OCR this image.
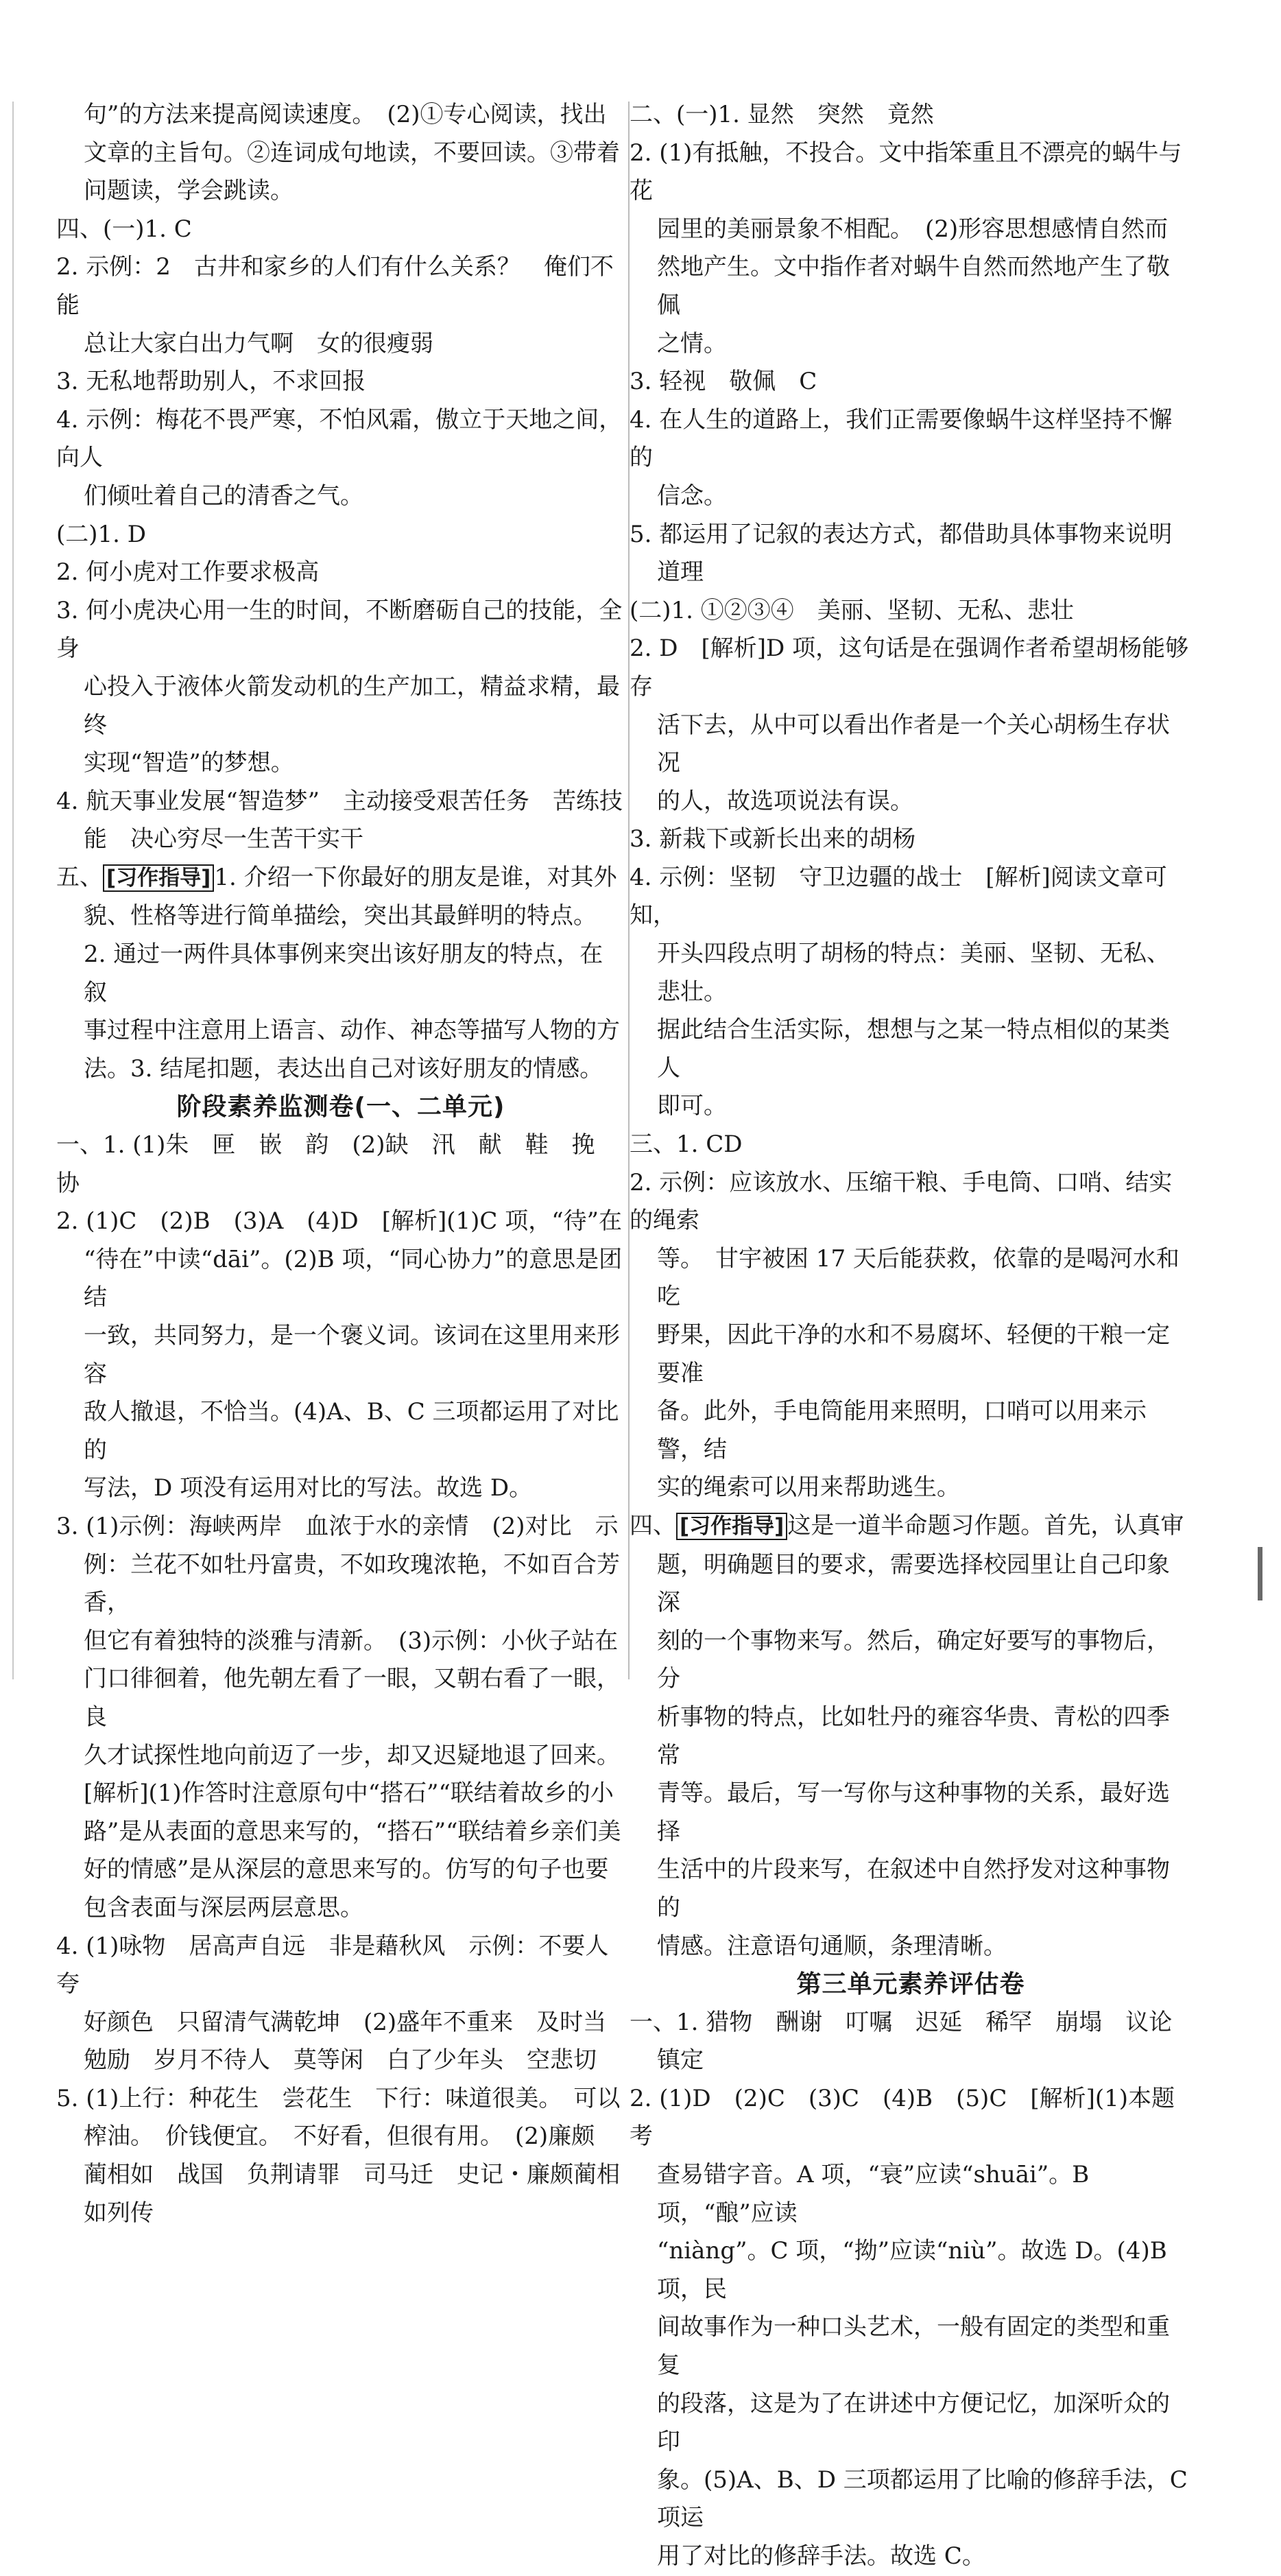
句”的方法来提高阅读速度。　(2)①专心阅读，找出

文章的主旨句。②连词成句地读，不要回读。③带着

问题读，学会跳读。

四、(一)1. C

2. 示例：2　古井和家乡的人们有什么关系？　俺们不能

总让大家白出力气啊　女的很瘦弱

3. 无私地帮助别人，不求回报

4. 示例：梅花不畏严寒，不怕风霜，傲立于天地之间，向人

们倾吐着自己的清香之气。

(二)1. D

2. 何小虎对工作要求极高

3. 何小虎决心用一生的时间，不断磨砺自己的技能，全身

心投入于液体火箭发动机的生产加工，精益求精，最终

实现“智造”的梦想。

4. 航天事业发展“智造梦”　主动接受艰苦任务　苦练技

能　决心穷尽一生苦干实干

五、 [习作指导] 1. 介绍一下你最好的朋友是谁，对其外

貌、性格等进行简单描绘，突出其最鲜明的特点。

2. 通过一两件具体事例来突出该好朋友的特点，在叙

事过程中注意用上语言、动作、神态等描写人物的方

法。3. 结尾扣题，表达出自己对该好朋友的情感。

阶段素养监测卷(一、二单元)

一、1. (1)朱　匣　嵌　韵　(2)缺　汛　献　鞋　挽　协

2. (1)C　(2)B　(3)A　(4)D　[解析](1)C 项，“待”在

“待在”中读“dāi”。(2)B 项，“同心协力”的意思是团结

一致，共同努力，是一个褒义词。该词在这里用来形容

敌人撤退，不恰当。(4)A、B、C 三项都运用了对比的

写法，D 项没有运用对比的写法。故选 D。

3. (1)示例：海峡两岸　血浓于水的亲情　(2)对比　示

例：兰花不如牡丹富贵，不如玫瑰浓艳，不如百合芳香，

但它有着独特的淡雅与清新。　(3)示例：小伙子站在

门口徘徊着，他先朝左看了一眼，又朝右看了一眼，良

久才试探性地向前迈了一步，却又迟疑地退了回来。

[解析](1)作答时注意原句中“搭石”“联结着故乡的小

路”是从表面的意思来写的，“搭石”“联结着乡亲们美

好的情感”是从深层的意思来写的。仿写的句子也要

包含表面与深层两层意思。

4. (1)咏物　居高声自远　非是藉秋风　示例：不要人夸

好颜色　只留清气满乾坤　(2)盛年不重来　及时当

勉励　岁月不待人　莫等闲　白了少年头　空悲切

5. (1)上行：种花生　尝花生　下行：味道很美。　可以

榨油。　价钱便宜。　不好看，但很有用。　(2)廉颇

蔺相如　战国　负荆请罪　司马迁　史记・廉颇蔺相

如列传

二、(一)1. 显然　突然　竟然

2. (1)有抵触，不投合。文中指笨重且不漂亮的蜗牛与花

园里的美丽景象不相配。　(2)形容思想感情自然而

然地产生。文中指作者对蜗牛自然而然地产生了敬佩

之情。

3. 轻视　敬佩　C

4. 在人生的道路上，我们正需要像蜗牛这样坚持不懈的

信念。

5. 都运用了记叙的表达方式，都借助具体事物来说明

道理

(二)1. ①②③④　美丽、坚韧、无私、悲壮

2. D　[解析]D 项，这句话是在强调作者希望胡杨能够存

活下去，从中可以看出作者是一个关心胡杨生存状况

的人，故选项说法有误。

3. 新栽下或新长出来的胡杨

4. 示例：坚韧　守卫边疆的战士　[解析]阅读文章可知，

开头四段点明了胡杨的特点：美丽、坚韧、无私、悲壮。

据此结合生活实际，想想与之某一特点相似的某类人

即可。

三、1. CD

2. 示例：应该放水、压缩干粮、手电筒、口哨、结实的绳索

等。　甘宇被困 17 天后能获救，依靠的是喝河水和吃

野果，因此干净的水和不易腐坏、轻便的干粮一定要准

备。此外，手电筒能用来照明，口哨可以用来示警，结

实的绳索可以用来帮助逃生。

四、 [习作指导] 这是一道半命题习作题。首先，认真审

题，明确题目的要求，需要选择校园里让自己印象深

刻的一个事物来写。然后，确定好要写的事物后，分

析事物的特点，比如牡丹的雍容华贵、青松的四季常

青等。最后，写一写你与这种事物的关系，最好选择

生活中的片段来写，在叙述中自然抒发对这种事物的

情感。注意语句通顺，条理清晰。

第三单元素养评估卷

一、1. 猎物　酬谢　叮嘱　迟延　稀罕　崩塌　议论

镇定

2. (1)D　(2)C　(3)C　(4)B　(5)C　[解析](1)本题考

查易错字音。A 项，“衰”应读“shuāi”。B 项，“酿”应读

“niàng”。C 项，“拗”应读“niù”。故选 D。(4)B 项，民

间故事作为一种口头艺术，一般有固定的类型和重复

的段落，这是为了在讲述中方便记忆，加深听众的印

象。(5)A、B、D 三项都运用了比喻的修辞手法，C 项运

用了对比的修辞手法。故选 C。
